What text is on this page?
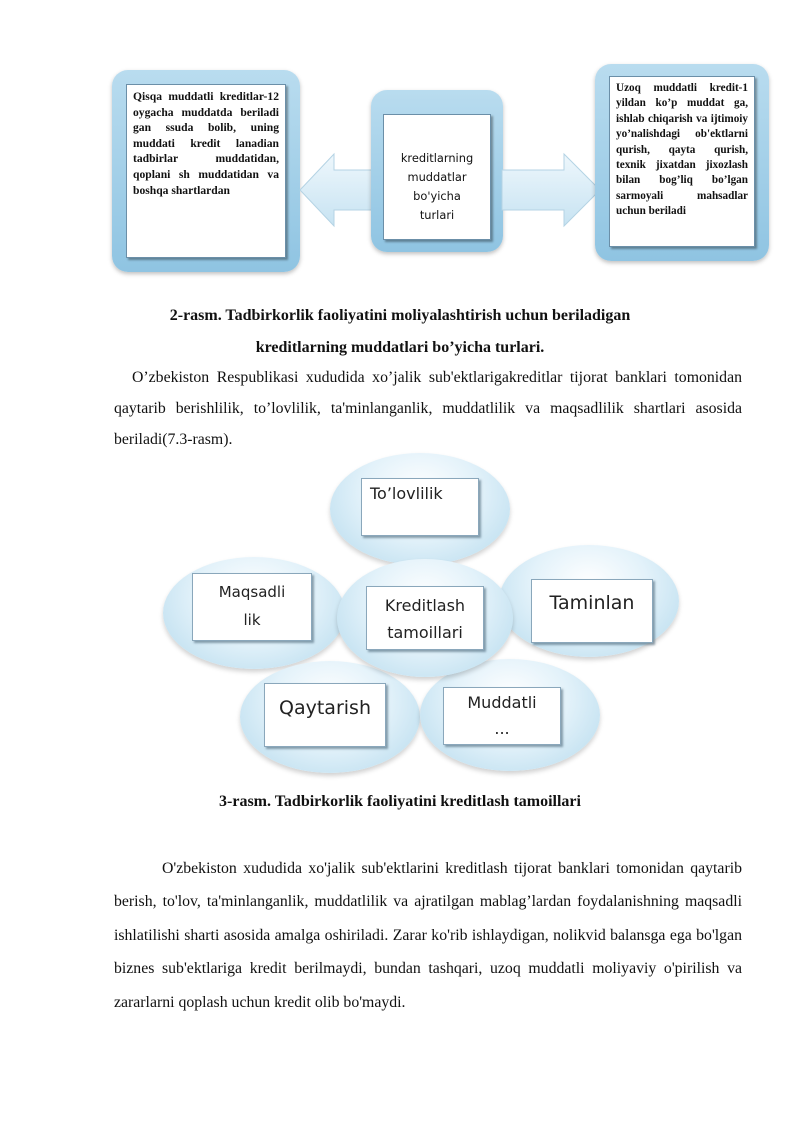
Qisqa muddatli kreditlar-12 oygacha muddatda beriladi gan ssuda bolib, uning muddati kredit lanadian tadbirlar muddatidan, qoplani sh muddatidan va boshqa shartlardan

kreditlarning
muddatlar
bo'yicha
turlari

Uzoq muddatli kredit-1 yildan ko’p muddat ga, ishlab chiqarish va ijtimoiy yo’nalishdagi ob'ektlarni qurish, qayta qurish, texnik jixatdan jixozlash bilan bog’liq bo’lgan sarmoyali mahsadlar uchun beriladi

2-rasm. Tadbirkorlik faoliyatini moliyalashtirish uchun beriladigan
kreditlarning muddatlari bo’yicha turlari.
O’zbekiston Respublikasi xududida xo’jalik sub'ektlarigakreditlar tijorat banklari tomonidan qaytarib berishlilik, to’lovlilik, ta'minlanganlik, muddatlilik va maqsadlilik shartlari asosida beriladi(7.3-rasm).
To’lovlilik
Maqsadli
lik
Taminlan
Qaytarish	Muddatli
...
Kreditlash
tamoillari
3-rasm. Tadbirkorlik faoliyatini kreditlash tamoillari
O'zbekiston xududida xo'jalik sub'ektlarini kreditlash tijorat banklari tomonidan qaytarib berish, to'lov, ta'minlanganlik, muddatlilik va ajratilgan mablag’lardan foydalanishning maqsadli ishlatilishi sharti asosida amalga oshiriladi. Zarar ko'rib ishlaydigan, nolikvid balansga ega bo'lgan biznes sub'ektlariga kredit berilmaydi, bundan tashqari, uzoq muddatli moliyaviy o'pirilish va zararlarni qoplash uchun kredit olib bo'maydi.
